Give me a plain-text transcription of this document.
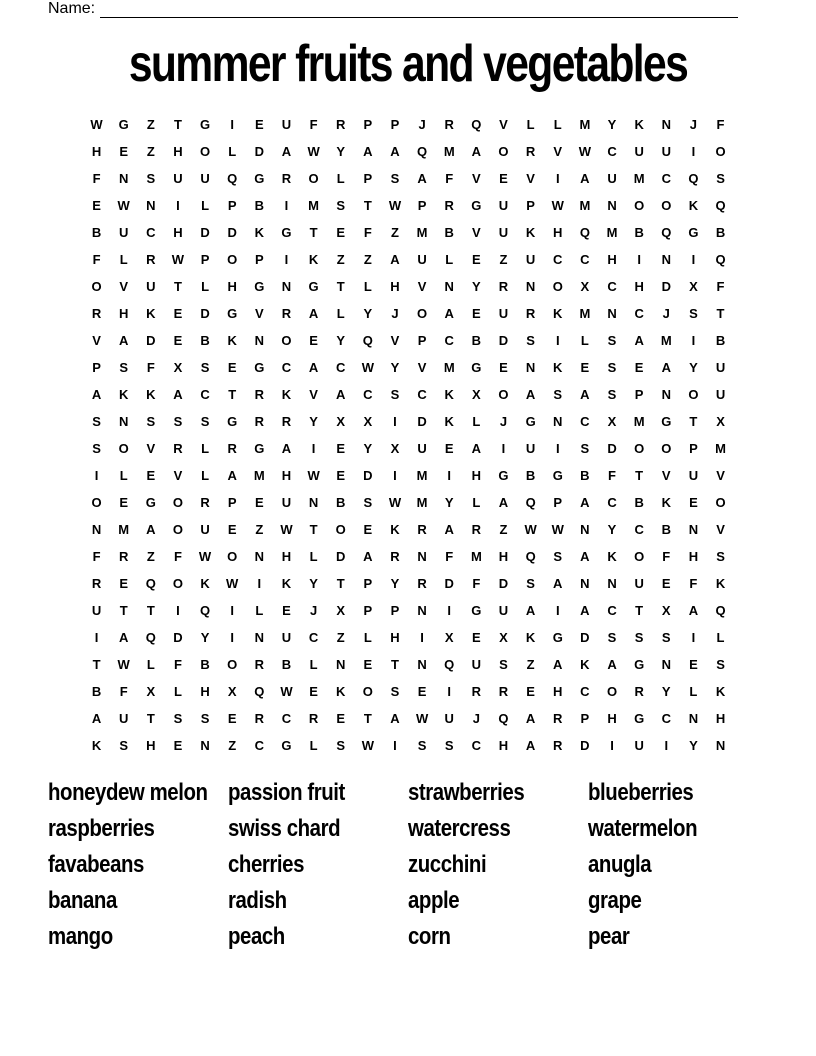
Name:
summer fruits and vegetables
W	G	Z	T	G	I	E	U	F	R	P	P	J	R	Q	V	L	L	M	Y	K	N	J	F
H	E	Z	H	O	L	D	A	W	Y	A	A	Q	M	A	O	R	V	W	C	U	U	I	O
F	N	S	U	U	Q	G	R	O	L	P	S	A	F	V	E	V	I	A	U	M	C	Q	S
E	W	N	I	L	P	B	I	M	S	T	W	P	R	G	U	P	W	M	N	O	O	K	Q
B	U	C	H	D	D	K	G	T	E	F	Z	M	B	V	U	K	H	Q	M	B	Q	G	B
F	L	R	W	P	O	P	I	K	Z	Z	A	U	L	E	Z	U	C	C	H	I	N	I	Q
O	V	U	T	L	H	G	N	G	T	L	H	V	N	Y	R	N	O	X	C	H	D	X	F
R	H	K	E	D	G	V	R	A	L	Y	J	O	A	E	U	R	K	M	N	C	J	S	T
V	A	D	E	B	K	N	O	E	Y	Q	V	P	C	B	D	S	I	L	S	A	M	I	B
P	S	F	X	S	E	G	C	A	C	W	Y	V	M	G	E	N	K	E	S	E	A	Y	U
A	K	K	A	C	T	R	K	V	A	C	S	C	K	X	O	A	S	A	S	P	N	O	U
S	N	S	S	S	G	R	R	Y	X	X	I	D	K	L	J	G	N	C	X	M	G	T	X
S	O	V	R	L	R	G	A	I	E	Y	X	U	E	A	I	U	I	S	D	O	O	P	M
I	L	E	V	L	A	M	H	W	E	D	I	M	I	H	G	B	G	B	F	T	V	U	V
O	E	G	O	R	P	E	U	N	B	S	W	M	Y	L	A	Q	P	A	C	B	K	E	O
N	M	A	O	U	E	Z	W	T	O	E	K	R	A	R	Z	W	W	N	Y	C	B	N	V
F	R	Z	F	W	O	N	H	L	D	A	R	N	F	M	H	Q	S	A	K	O	F	H	S
R	E	Q	O	K	W	I	K	Y	T	P	Y	R	D	F	D	S	A	N	N	U	E	F	K
U	T	T	I	Q	I	L	E	J	X	P	P	N	I	G	U	A	I	A	C	T	X	A	Q
I	A	Q	D	Y	I	N	U	C	Z	L	H	I	X	E	X	K	G	D	S	S	S	I	L
T	W	L	F	B	O	R	B	L	N	E	T	N	Q	U	S	Z	A	K	A	G	N	E	S
B	F	X	L	H	X	Q	W	E	K	O	S	E	I	R	R	E	H	C	O	R	Y	L	K
A	U	T	S	S	E	R	C	R	E	T	A	W	U	J	Q	A	R	P	H	G	C	N	H
K	S	H	E	N	Z	C	G	L	S	W	I	S	S	C	H	A	R	D	I	U	I	Y	N
honeydew melon
raspberries
favabeans
banana
mango
passion fruit
swiss chard
cherries
radish
peach
strawberries
watercress
zucchini
apple
corn
blueberries
watermelon
anugla
grape
pear
